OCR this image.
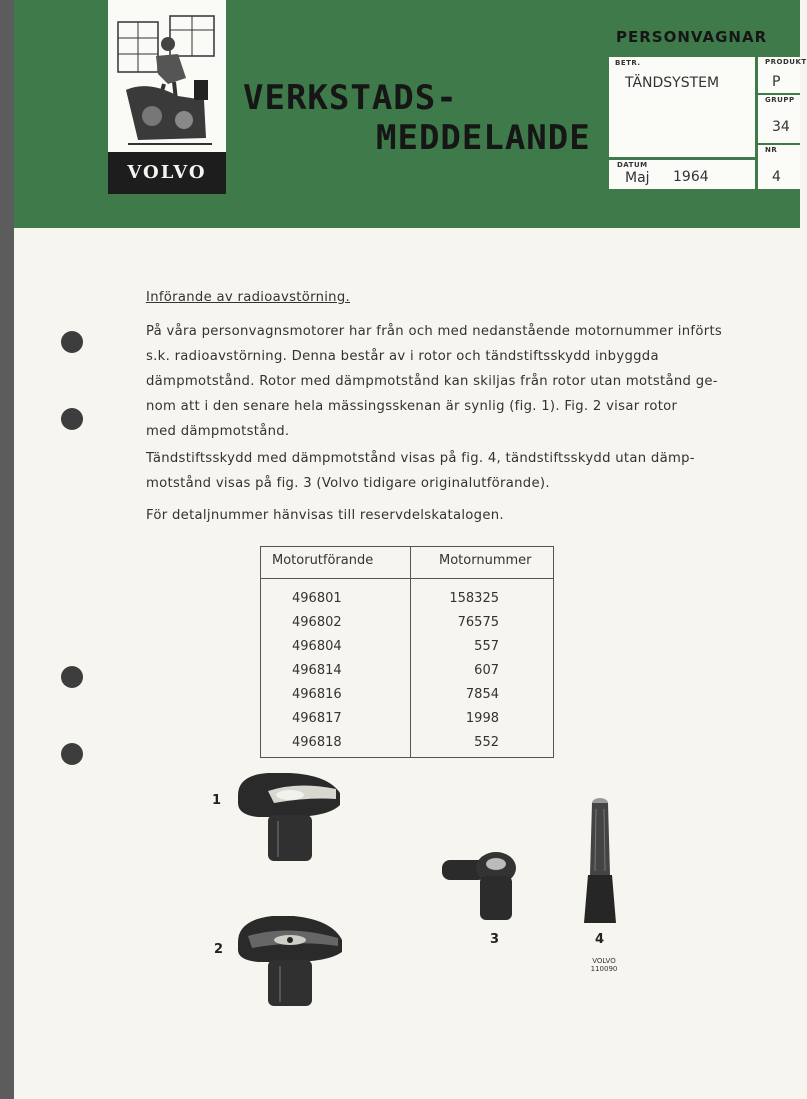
VOLVO
VERKSTADS-
MEDDELANDE
PERSONVAGNAR
BETR.
TÄNDSYSTEM
PRODUKT
P
GRUPP
34
NR
4
DATUM
Maj 1964
Införande av radioavstörning.
På våra personvagnsmotorer har från och med nedanstående motornummer införts
s.k. radioavstörning. Denna består av i rotor och tändstiftsskydd inbyggda
dämpmotstånd. Rotor med dämpmotstånd kan skiljas från rotor utan motstånd ge-
nom att i den senare hela mässingsskenan är synlig (fig. 1). Fig. 2 visar rotor
med dämpmotstånd.
Tändstiftsskydd med dämpmotstånd visas på fig. 4, tändstiftsskydd utan dämp-
motstånd visas på fig. 3 (Volvo tidigare originalutförande).
För detaljnummer hänvisas till reservdelskatalogen.
Motorutförande	Motornummer
496801	158325
496802	76575
496804	557
496814	607
496816	7854
496817	1998
496818	552
1
2
3	4
VOLVO
110090
